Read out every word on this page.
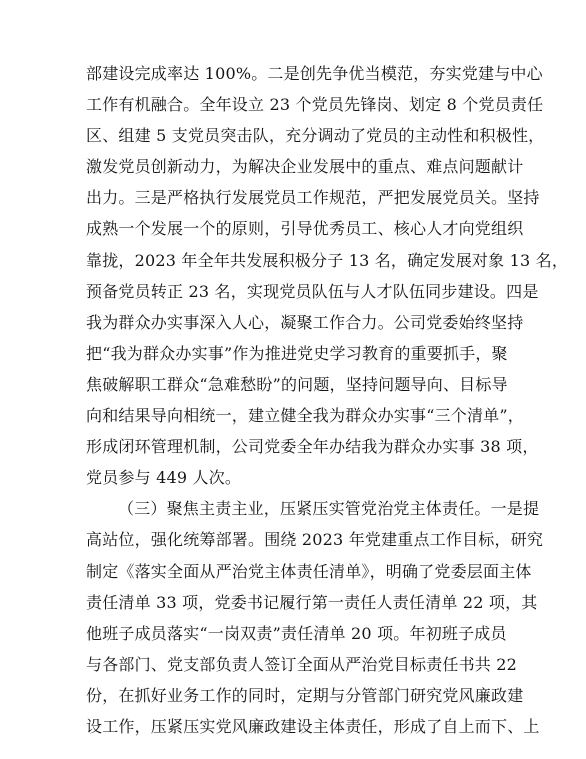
部建设完成率达 100%。二是创先争优当模范，夯实党建与中心
工作有机融合。全年设立 23 个党员先锋岗、划定 8 个党员责任
区、组建 5 支党员突击队，充分调动了党员的主动性和积极性，
激发党员创新动力，为解决企业发展中的重点、难点问题献计
出力。三是严格执行发展党员工作规范，严把发展党员关。坚持
成熟一个发展一个的原则，引导优秀员工、核心人才向党组织
靠拢，2023 年全年共发展积极分子 13 名，确定发展对象 13 名，
预备党员转正 23 名，实现党员队伍与人才队伍同步建设。四是
我为群众办实事深入人心，凝聚工作合力。公司党委始终坚持
把“我为群众办实事”作为推进党史学习教育的重要抓手，聚
焦破解职工群众“急难愁盼”的问题，坚持问题导向、目标导
向和结果导向相统一，建立健全我为群众办实事“三个清单”，
形成闭环管理机制，公司党委全年办结我为群众办实事 38 项，
党员参与 449 人次。
（三）聚焦主责主业，压紧压实管党治党主体责任。一是提
高站位，强化统筹部署。围绕 2023 年党建重点工作目标，研究
制定《落实全面从严治党主体责任清单》，明确了党委层面主体
责任清单 33 项，党委书记履行第一责任人责任清单 22 项，其
他班子成员落实“一岗双责”责任清单 20 项。年初班子成员
与各部门、党支部负责人签订全面从严治党目标责任书共 22
份，在抓好业务工作的同时，定期与分管部门研究党风廉政建
设工作，压紧压实党风廉政建设主体责任，形成了自上而下、上
